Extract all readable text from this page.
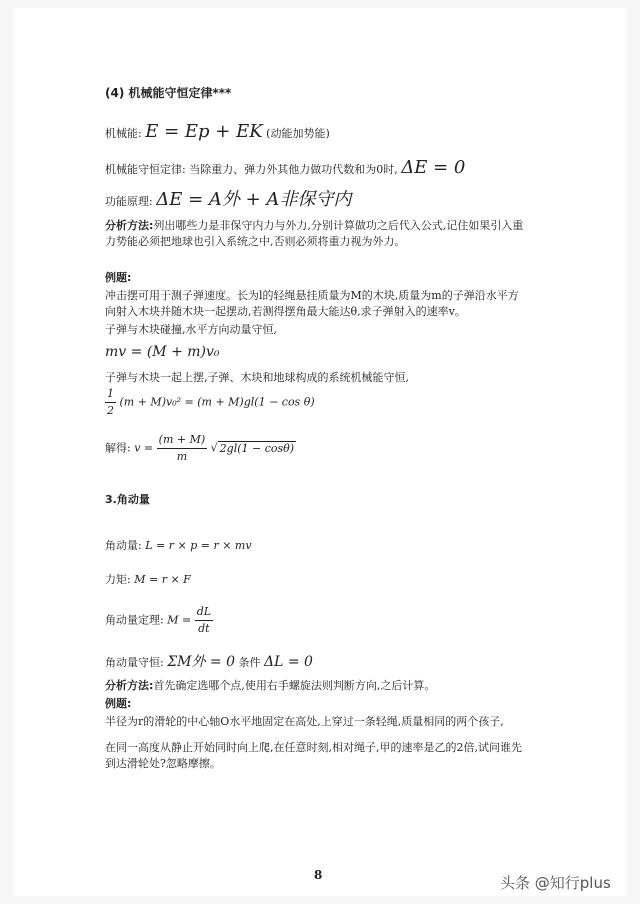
(4) 机械能守恒定律***
机械能: E = Ep + EK (动能加势能)
机械能守恒定律: 当除重力、弹力外其他力做功代数和为0时, ΔE = 0
功能原理: ΔE = A外 + A非保守内
分析方法:列出哪些力是非保守内力与外力,分别计算做功之后代入公式,记住如果引入重力势能必须把地球也引入系统之中,否则必须将重力视为外力。
例题:
冲击摆可用于测子弹速度。长为l的轻绳悬挂质量为M的木块,质量为m的子弹沿水平方向射入木块并随木块一起摆动,若测得摆角最大能达θ,求子弹射入的速率v。
子弹与木块碰撞,水平方向动量守恒,
mv = (M + m)v₀
子弹与木块一起上摆,子弹、木块和地球构成的系统机械能守恒,
$\frac{1}{2} (m + M)v_0^2 = (m + M)gl(1 - \cos \theta)$
解得: $v = \frac{(m + M)}{m}$ √ 2gl(1 − cosθ)
3.角动量
角动量: L = r × p = r × mv
力矩: M = r × F
角动量定理: $M = \frac{dL}{dt}$
角动量守恒: ΣM外 = 0 条件 ΔL = 0
分析方法:首先确定选哪个点,使用右手螺旋法则判断方向,之后计算。
例题:
半径为r的滑轮的中心轴O水平地固定在高处,上穿过一条轻绳,质量相同的两个孩子,
在同一高度从静止开始同时向上爬,在任意时刻,相对绳子,甲的速率是乙的2倍,试问谁先到达滑轮处?忽略摩擦。
8	头条 @知行plus
